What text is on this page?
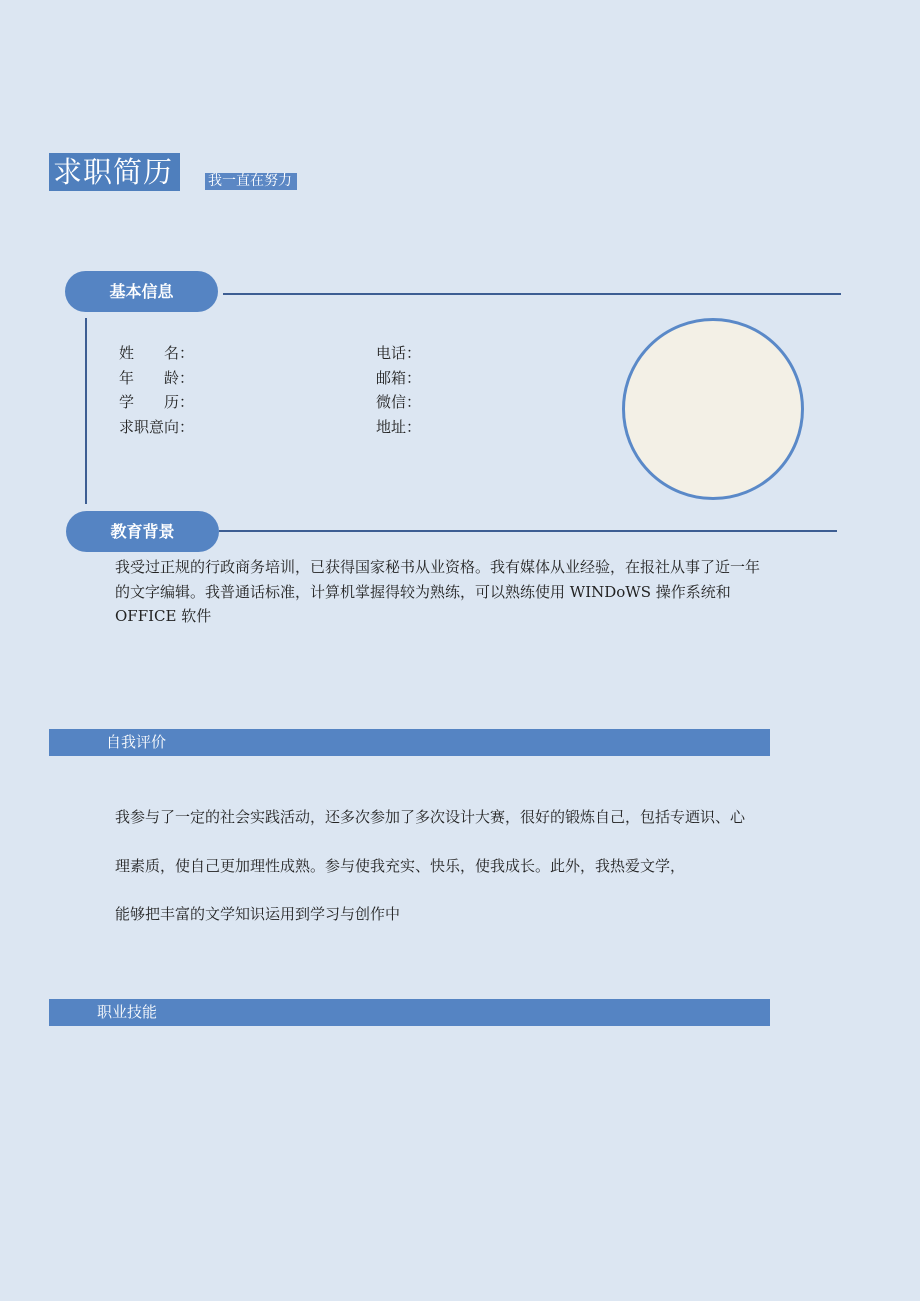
求职简历	我一直在努力
基本信息
姓　　名：
年　　龄：
学　　历：
求职意向：
电话：
邮箱：
微信：
地址：
教育背景
我受过正规的行政商务培训，已获得国家秘书从业资格。我有媒体从业经验，在报社从事了近一年
的文字编辑。我普通话标准，计算机掌握得较为熟练，可以熟练使用 WINDoWS 操作系统和
OFFICE 软件
自我评价
我参与了一定的社会实践活动，还多次参加了多次设计大赛，很好的锻炼自己，包括专迺识、心
理素质，使自己更加理性成熟。参与使我充实、快乐，使我成长。此外，我热爱文学，
能够把丰富的文学知识运用到学习与创作中
职业技能
